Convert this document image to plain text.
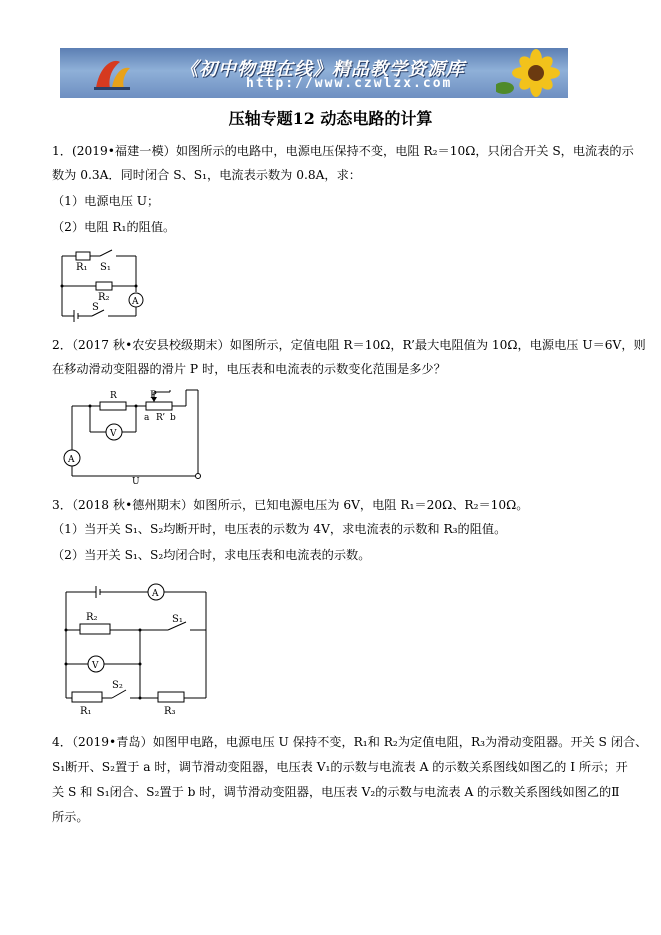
《初中物理在线》精品教学资源库
http://www.czwlzx.com
压轴专题12 动态电路的计算
1．(2019•福建一模）如图所示的电路中，电源电压保持不变，电阻 R₂＝10Ω，只闭合开关 S，电流表的示
数为 0.3A．同时闭合 S、S₁，电流表示数为 0.8A，求：
（1）电源电压 U；
（2）电阻 R₁的阻值。
R₁ S₁
R₂
S	A
2．（2017 秋•农安县校级期末）如图所示，定值电阻 R＝10Ω，R’最大电阻值为 10Ω，电源电压 U＝6V，则
在移动滑动变阻器的滑片 P 时，电压表和电流表的示数变化范围是多少？
R	P
a R’ b
V
A
U
3．（2018 秋•德州期末）如图所示，已知电源电压为 6V，电阻 R₁＝20Ω、R₂＝10Ω。
（1）当开关 S₁、S₂均断开时，电压表的示数为 4V，求电流表的示数和 R₃的阻值。
（2）当开关 S₁、S₂均闭合时，求电压表和电流表的示数。
A
R₂	S₁
V
S₂
R₁	R₃
4．（2019•青岛）如图甲电路，电源电压 U 保持不变，R₁和 R₂为定值电阻，R₃为滑动变阻器。开关 S 闭合、
S₁断开、S₂置于 a 时，调节滑动变阻器，电压表 V₁的示数与电流表 A 的示数关系图线如图乙的 I 所示；开
关 S 和 S₁闭合、S₂置于 b 时，调节滑动变阻器，电压表 V₂的示数与电流表 A 的示数关系图线如图乙的Ⅱ
所示。
